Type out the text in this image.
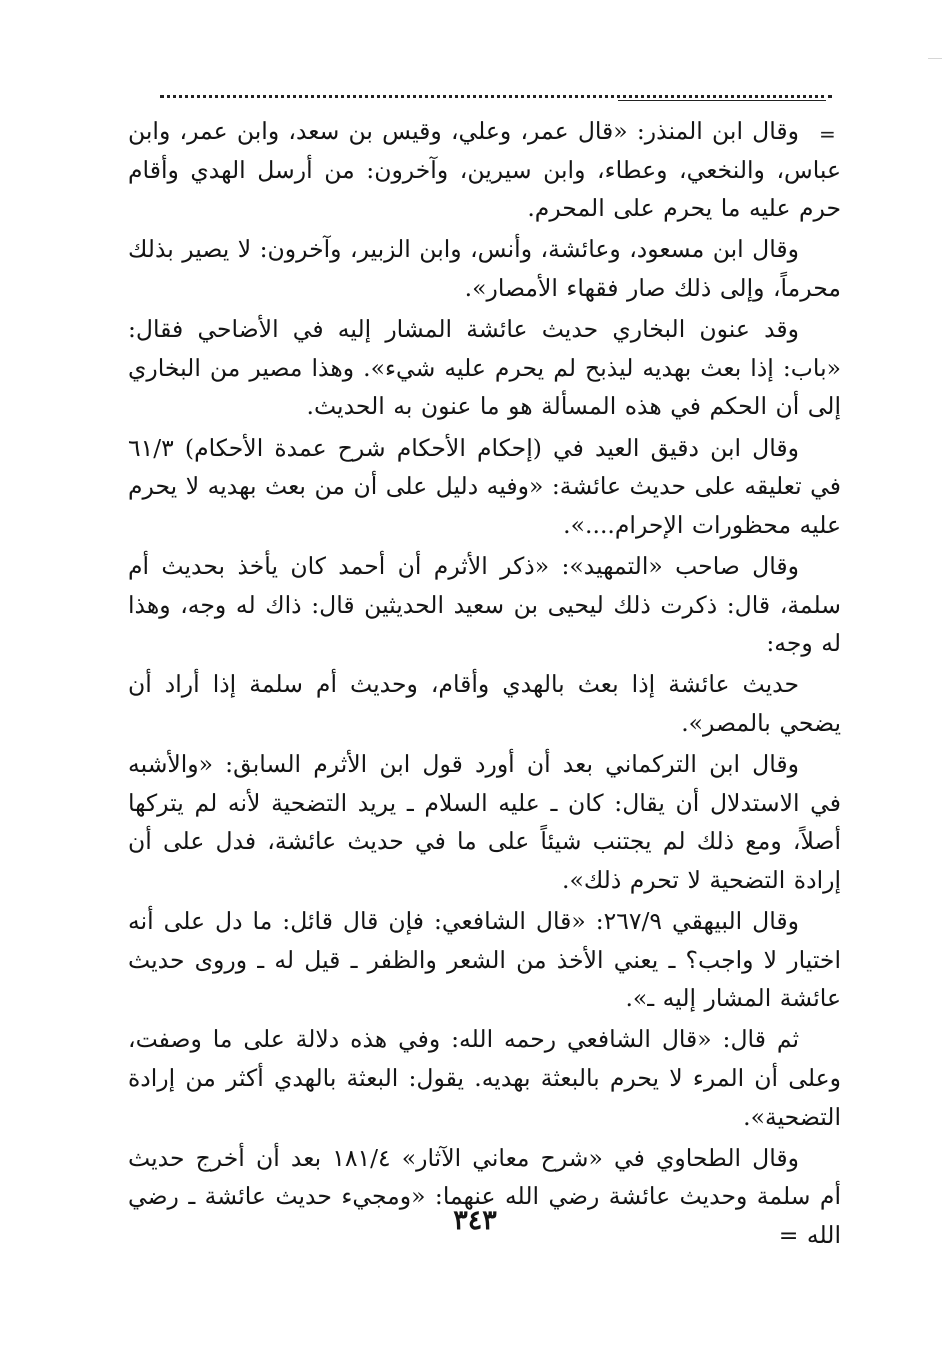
=

وقال ابن المنذر: «قال عمر، وعلي، وقيس بن سعد، وابن عمر، وابن عباس، والنخعي، وعطاء، وابن سيرين، وآخرون: من أرسل الهدي وأقام حرم عليه ما يحرم على المحرم.

وقال ابن مسعود، وعائشة، وأنس، وابن الزبير، وآخرون: لا يصير بذلك محرماً، وإلى ذلك صار فقهاء الأمصار».

وقد عنون البخاري حديث عائشة المشار إليه في الأضاحي فقال: «باب: إذا بعث بهديه ليذبح لم يحرم عليه شيء». وهذا مصير من البخاري إلى أن الحكم في هذه المسألة هو ما عنون به الحديث.

وقال ابن دقيق العيد في (إحكام الأحكام شرح عمدة الأحكام) ٦١/٣ في تعليقه على حديث عائشة: «وفيه دليل على أن من بعث بهديه لا يحرم عليه محظورات الإحرام....».

وقال صاحب «التمهيد»: «ذكر الأثرم أن أحمد كان يأخذ بحديث أم سلمة، قال: ذكرت ذلك ليحيى بن سعيد الحديثين قال: ذاك له وجه، وهذا له وجه:

حديث عائشة إذا بعث بالهدي وأقام، وحديث أم سلمة إذا أراد أن يضحي بالمصر».

وقال ابن التركماني بعد أن أورد قول ابن الأثرم السابق: «والأشبه في الاستدلال أن يقال: كان ـ عليه السلام ـ يريد التضحية لأنه لم يتركها أصلاً، ومع ذلك لم يجتنب شيئاً على ما في حديث عائشة، فدل على أن إرادة التضحية لا تحرم ذلك».

وقال البيهقي ٢٦٧/٩: «قال الشافعي: فإن قال قائل: ما دل على أنه اختيار لا واجب؟ ـ يعني الأخذ من الشعر والظفر ـ قيل له ـ وروى حديث عائشة المشار إليه ـ».

ثم قال: «قال الشافعي رحمه الله: وفي هذه دلالة على ما وصفت، وعلى أن المرء لا يحرم بالبعثة بهديه. يقول: البعثة بالهدي أكثر من إرادة التضحية».

وقال الطحاوي في «شرح معاني الآثار» ١٨١/٤ بعد أن أخرج حديث أم سلمة وحديث عائشة رضي الله عنهما: «ومجيء حديث عائشة ـ رضي الله =

٣٤٣
